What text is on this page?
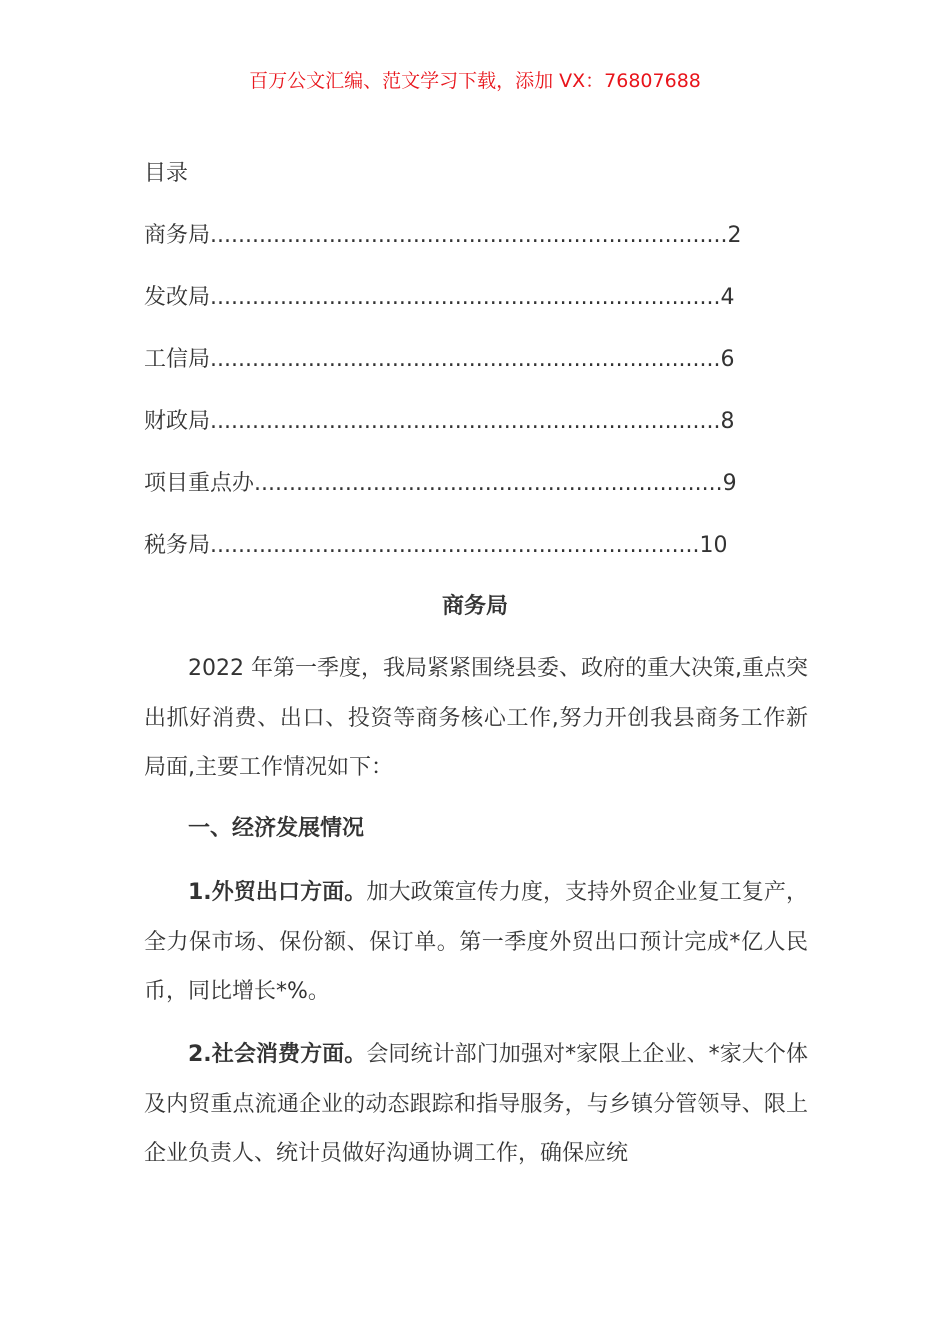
百万公文汇编、范文学习下载，添加 VX：76807688
目录
商务局..........................................................................2
发改局.........................................................................4
工信局.........................................................................6
财政局.........................................................................8
项目重点办...................................................................9
税务局......................................................................10
商务局

2022 年第一季度，我局紧紧围绕县委、政府的重大决策,重点突出抓好消费、出口、投资等商务核心工作,努力开创我县商务工作新局面,主要工作情况如下：

一、经济发展情况

1.外贸出口方面。加大政策宣传力度，支持外贸企业复工复产，全力保市场、保份额、保订单。第一季度外贸出口预计完成*亿人民币，同比增长*%。

2.社会消费方面。会同统计部门加强对*家限上企业、*家大个体及内贸重点流通企业的动态跟踪和指导服务，与乡镇分管领导、限上企业负责人、统计员做好沟通协调工作，确保应统
